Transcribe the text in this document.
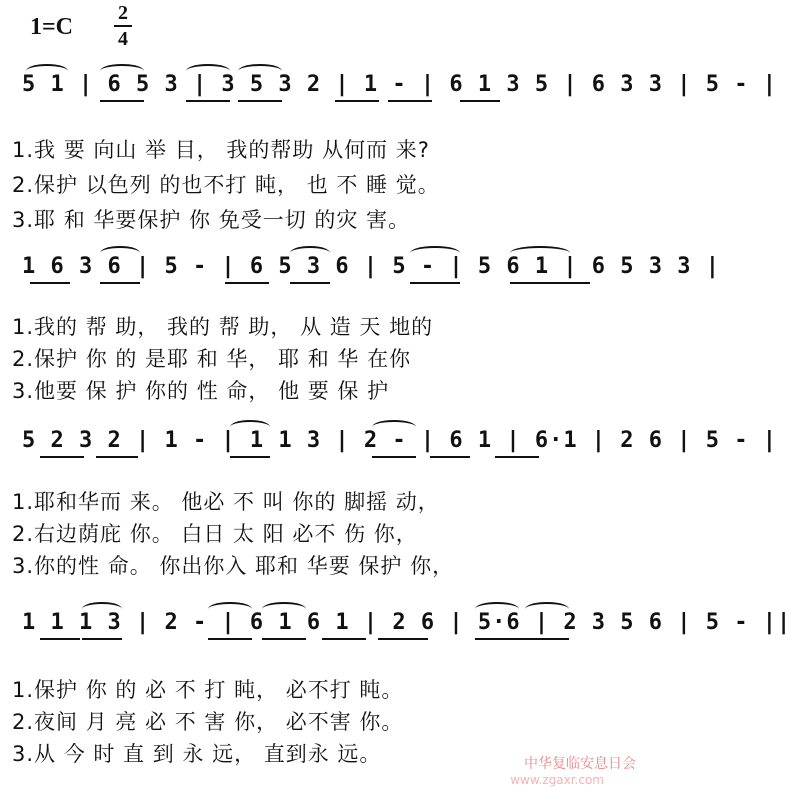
1=C
2
4
5 1 | 6 5 3 | 3 5 3 2 | 1 - | 6 1 3 5 | 6 3 3 | 5 - |
1.我 要 向山 举 目， 我的帮助 从何而 来?
2.保护 以色列 的也不打 盹， 也 不 睡 觉。
3.耶 和 华要保护 你 免受一切 的灾 害。
1 6 3 6 | 5 - | 6 5 3 6 | 5 - | 5 6 1 | 6 5 3 3 |
1.我的 帮 助， 我的 帮 助， 从 造 天 地的
2.保护 你 的 是耶 和 华， 耶 和 华 在你
3.他要 保 护 你的 性 命， 他 要 保 护
5 2 3 2 | 1 - | 1 1 3 | 2 - | 6 1 | 6·1 | 2 6 | 5 - |
1.耶和华而 来。 他必 不 叫 你的 脚摇 动，
2.右边荫庇 你。 白日 太 阳 必不 伤 你，
3.你的性 命。 你出你入 耶和 华要 保护 你，
1 1 1 3 | 2 - | 6 1 6 1 | 2 6 | 5·6 | 2 3 5 6 | 5 - ||
1.保护 你 的 必 不 打 盹， 必不打 盹。
2.夜间 月 亮 必 不 害 你， 必不害 你。
3.从 今 时 直 到 永 远， 直到永 远。	中华复临安息日会
www.zgaxr.com
